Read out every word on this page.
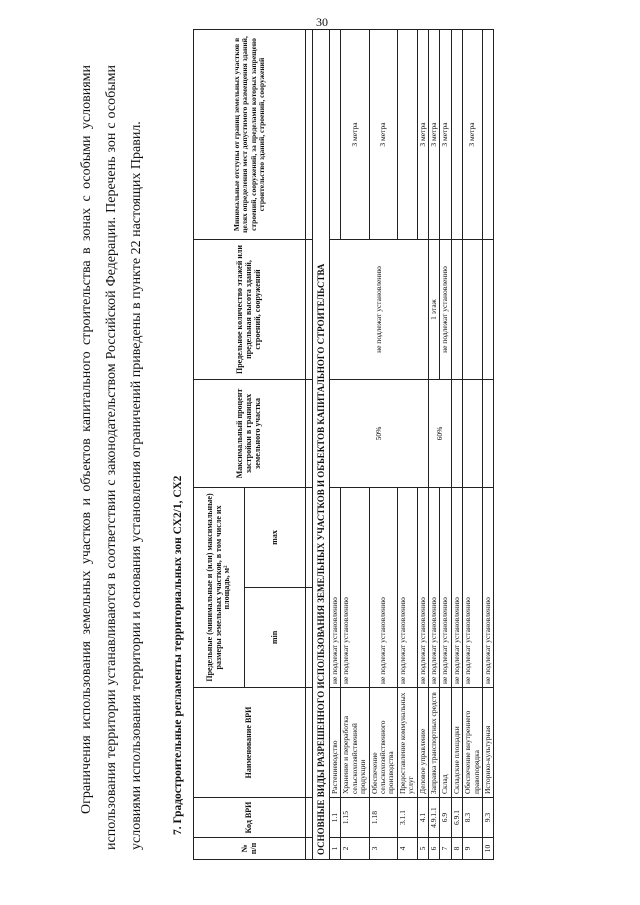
30

Ограничения использования земельных участков и объектов капитального строительства в зонах с особыми условиями использования территории устанавливаются в соответствии с законодательством Российской Федерации. Перечень зон с особыми условиями использования территории и основания установления ограничений приведены в пункте 22 настоящих Правил.	7. Градостроительные регламенты территориальных зон СХ2/1, СХ2
№ п/п	Код ВРИ	Наименование ВРИ	Предельные (минимальные и (или) максимальные) размеры земельных участков, в том числе их площадь, м²		Максимальный процент застройки в границах земельного участка	Предельное количество этажей или предельная высота зданий, строений, сооружений	Минимальные отступы от границ земельных участков в целях определения мест допустимого размещения зданий, строений, сооружений, за пределами которых запрещено строительство зданий, строений, сооружений
			min	max			

ОСНОВНЫЕ ВИДЫ РАЗРЕШЕННОГО ИСПОЛЬЗОВАНИЯ ЗЕМЕЛЬНЫХ УЧАСТКОВ И ОБЪЕКТОВ КАПИТАЛЬНОГО СТРОИТЕЛЬСТВА							
1	1.1	Растениеводство	не подлежат установлению		50%	не подлежат установлению	
2	1.15	Хранение и переработка сельскохозяйственной продукции	не подлежат установлению				3 метра
3	1.18	Обеспечение сельскохозяйственного производства	не подлежат установлению				3 метра
4	3.1.1	Предоставление коммунальных услуг	не подлежат установлению				
5	4.1	Деловое управление	не подлежат установлению				3 метра
6	4.9.1.1	Заправка транспортных средств	не подлежат установлению		60%	1 этаж	3 метра
7	6.9	Склад	не подлежат установлению			не подлежат установлению	3 метра
8	6.9.1	Складские площадки	не подлежат установлению				
9	8.3	Обеспечение внутреннего правопорядка	не подлежат установлению				3 метра
10	9.3	Историко-культурная	не подлежат установлению				
